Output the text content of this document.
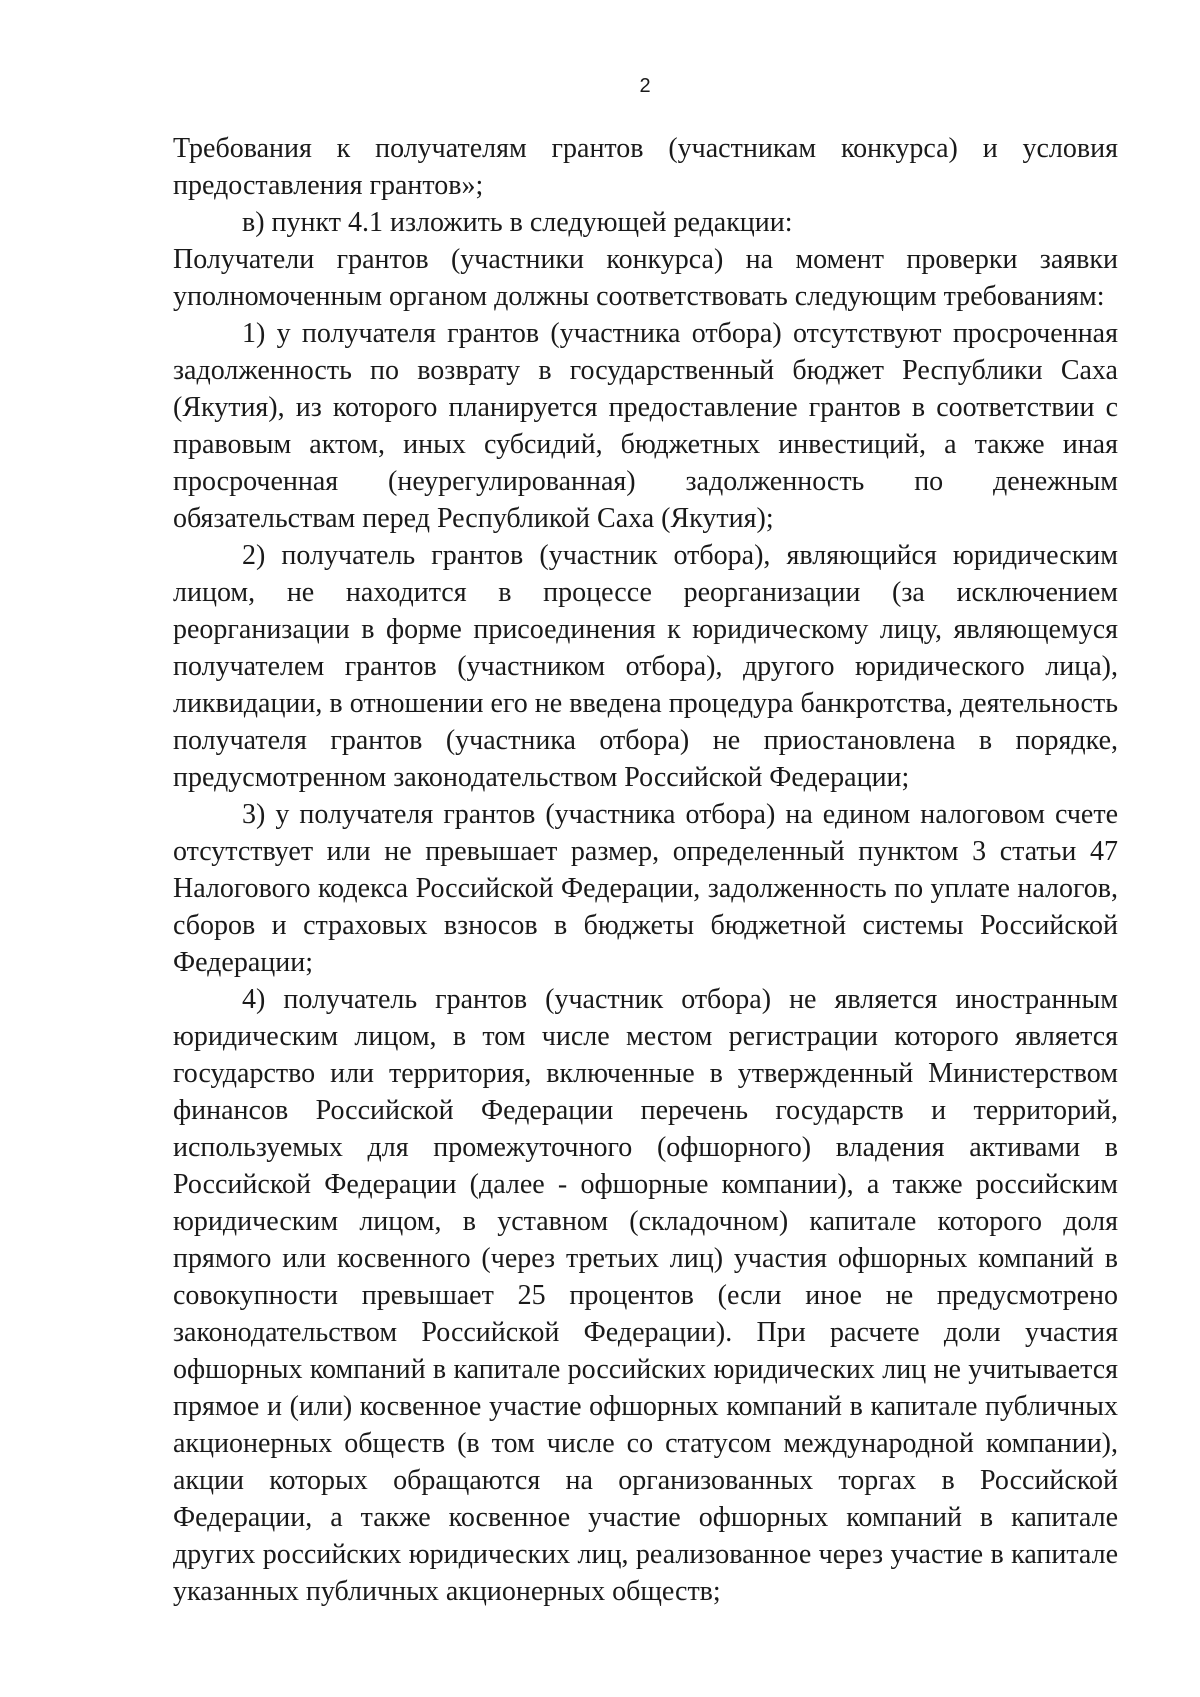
2

Требования к получателям грантов (участникам конкурса) и условия предоставления грантов»;

в) пункт 4.1 изложить в следующей редакции:

Получатели грантов (участники конкурса) на момент проверки заявки уполномоченным органом должны соответствовать следующим требованиям:

1) у получателя грантов (участника отбора) отсутствуют просроченная задолженность по возврату в государственный бюджет Республики Саха (Якутия), из которого планируется предоставление грантов в соответствии с правовым актом, иных субсидий, бюджетных инвестиций, а также иная просроченная (неурегулированная) задолженность по денежным обязательствам перед Республикой Саха (Якутия);

2) получатель грантов (участник отбора), являющийся юридическим лицом, не находится в процессе реорганизации (за исключением реорганизации в форме присоединения к юридическому лицу, являющемуся получателем грантов (участником отбора), другого юридического лица), ликвидации, в отношении его не введена процедура банкротства, деятельность получателя грантов (участника отбора) не приостановлена в порядке, предусмотренном законодательством Российской Федерации;

3) у получателя грантов (участника отбора) на едином налоговом счете отсутствует или не превышает размер, определенный пунктом 3 статьи 47 Налогового кодекса Российской Федерации, задолженность по уплате налогов, сборов и страховых взносов в бюджеты бюджетной системы Российской Федерации;

4) получатель грантов (участник отбора) не является иностранным юридическим лицом, в том числе местом регистрации которого является государство или территория, включенные в утвержденный Министерством финансов Российской Федерации перечень государств и территорий, используемых для промежуточного (офшорного) владения активами в Российской Федерации (далее - офшорные компании), а также российским юридическим лицом, в уставном (складочном) капитале которого доля прямого или косвенного (через третьих лиц) участия офшорных компаний в совокупности превышает 25 процентов (если иное не предусмотрено законодательством Российской Федерации). При расчете доли участия офшорных компаний в капитале российских юридических лиц не учитывается прямое и (или) косвенное участие офшорных компаний в капитале публичных акционерных обществ (в том числе со статусом международной компании), акции которых обращаются на организованных торгах в Российской Федерации, а также косвенное участие офшорных компаний в капитале других российских юридических лиц, реализованное через участие в капитале указанных публичных акционерных обществ;
